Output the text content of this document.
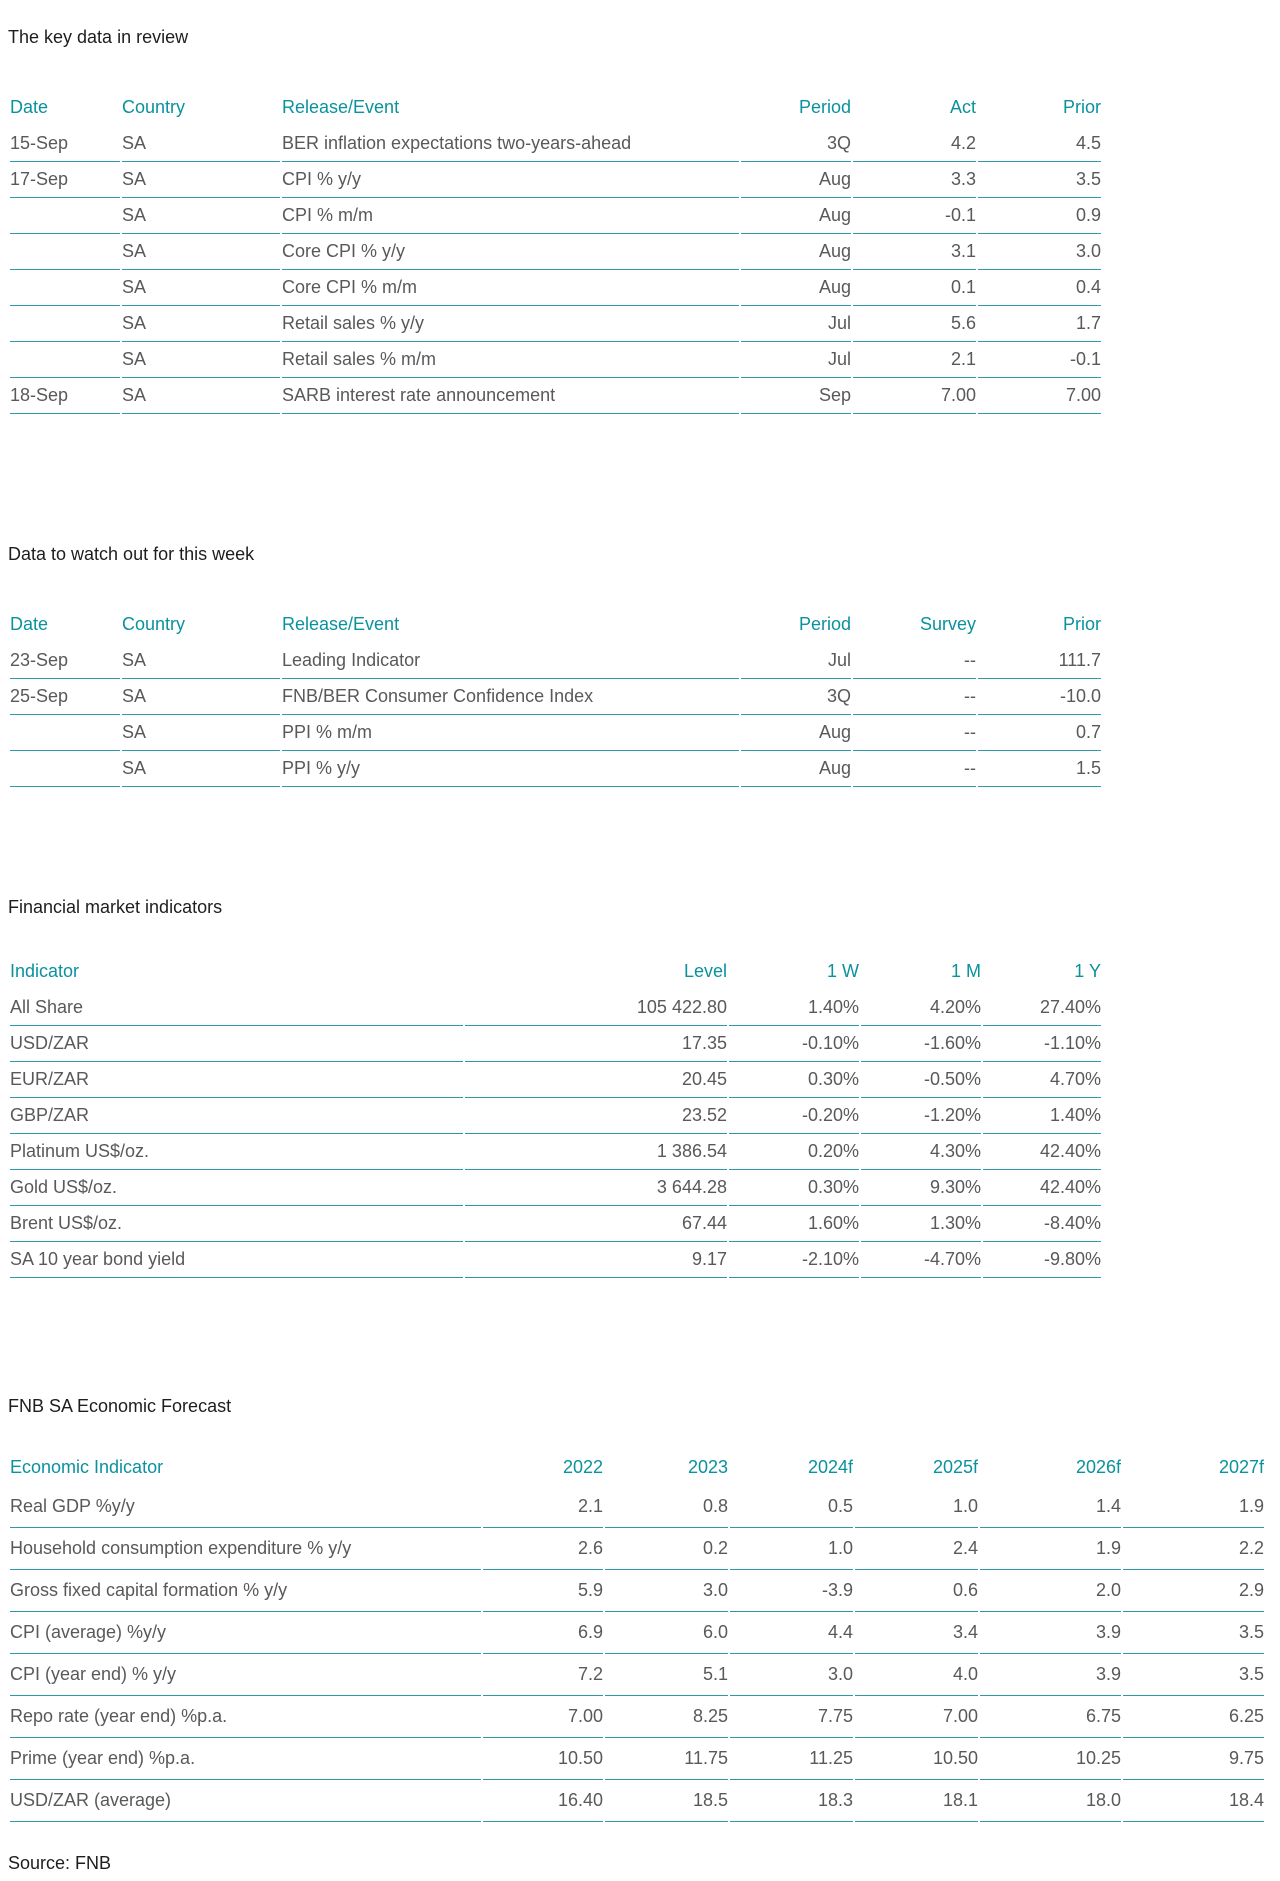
The key data in review
Date	Country	Release/Event	Period	Act	Prior
15-Sep	SA	BER inflation expectations two-years-ahead	3Q	4.2	4.5
17-Sep	SA	CPI % y/y	Aug	3.3	3.5
	SA	CPI % m/m	Aug	-0.1	0.9
	SA	Core CPI % y/y	Aug	3.1	3.0
	SA	Core CPI % m/m	Aug	0.1	0.4
	SA	Retail sales % y/y	Jul	5.6	1.7
	SA	Retail sales % m/m	Jul	2.1	-0.1
18-Sep	SA	SARB interest rate announcement	Sep	7.00	7.00
Data to watch out for this week
Date	Country	Release/Event	Period	Survey	Prior
23-Sep	SA	Leading Indicator	Jul	--	111.7
25-Sep	SA	FNB/BER Consumer Confidence Index	3Q	--	-10.0
	SA	PPI % m/m	Aug	--	0.7
	SA	PPI % y/y	Aug	--	1.5
Financial market indicators
Indicator	Level	1 W	1 M	1 Y
All Share	105 422.80	1.40%	4.20%	27.40%
USD/ZAR	17.35	-0.10%	-1.60%	-1.10%
EUR/ZAR	20.45	0.30%	-0.50%	4.70%
GBP/ZAR	23.52	-0.20%	-1.20%	1.40%
Platinum US$/oz.	1 386.54	0.20%	4.30%	42.40%
Gold US$/oz.	3 644.28	0.30%	9.30%	42.40%
Brent US$/oz.	67.44	1.60%	1.30%	-8.40%
SA 10 year bond yield	9.17	-2.10%	-4.70%	-9.80%
FNB SA Economic Forecast
Economic Indicator	2022	2023	2024f	2025f	2026f	2027f
Real GDP %y/y	2.1	0.8	0.5	1.0	1.4	1.9
Household consumption expenditure % y/y	2.6	0.2	1.0	2.4	1.9	2.2
Gross fixed capital formation % y/y	5.9	3.0	-3.9	0.6	2.0	2.9
CPI (average) %y/y	6.9	6.0	4.4	3.4	3.9	3.5
CPI (year end) % y/y	7.2	5.1	3.0	4.0	3.9	3.5
Repo rate (year end) %p.a.	7.00	8.25	7.75	7.00	6.75	6.25
Prime (year end) %p.a.	10.50	11.75	11.25	10.50	10.25	9.75
USD/ZAR (average)	16.40	18.5	18.3	18.1	18.0	18.4
Source: FNB
